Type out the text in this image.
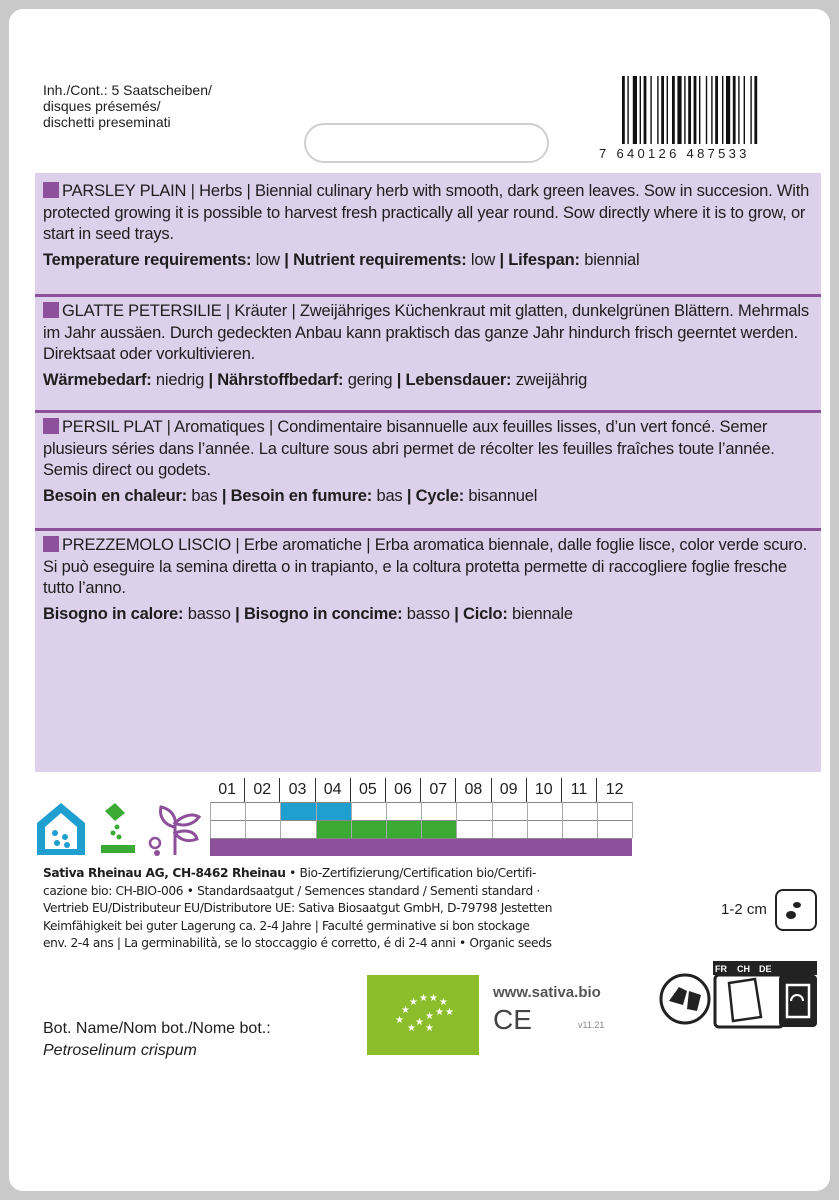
Inh./Cont.: 5 Saatscheiben/
disques présemés/
dischetti preseminati
7 640126 487533
PARSLEY PLAIN | Herbs | Biennial culinary herb with smooth, dark green leaves. Sow in succesion. With protected growing it is possible to harvest fresh practically all year round. Sow directly where it is to grow, or start in seed trays.
Temperature requirements: low | Nutrient requirements: low | Lifespan: biennial
GLATTE PETERSILIE | Kräuter | Zweijähriges Küchenkraut mit glatten, dunkelgrünen Blättern. Mehrmals im Jahr aussäen. Durch gedeckten Anbau kann praktisch das ganze Jahr hindurch frisch geerntet werden. Direktsaat oder vorkultivieren.
Wärmebedarf: niedrig | Nährstoffbedarf: gering | Lebensdauer: zweijährig
PERSIL PLAT | Aromatiques | Condimentaire bisannuelle aux feuilles lisses, d’un vert foncé. Semer plusieurs séries dans l’année. La culture sous abri permet de récolter les feuilles fraîches toute l’année. Semis direct ou godets.
Besoin en chaleur: bas | Besoin en fumure: bas | Cycle: bisannuel
PREZZEMOLO LISCIO | Erbe aromatiche | Erba aromatica biennale, dalle foglie lisce, color verde scuro. Si può eseguire la semina diretta o in trapianto, e la coltura protetta permette di raccogliere foglie fresche tutto l’anno.
Bisogno in calore: basso | Bisogno in concime: basso | Ciclo: biennale
01	02	03	04	05	06	07	08	09	10	11	12
Sativa Rheinau AG, CH-8462 Rheinau • Bio-Zertifizierung/Certification bio/Certifi-
cazione bio: CH-BIO-006 • Standardsaatgut / Semences standard / Sementi standard ·
Vertrieb EU/Distributeur EU/Distributore UE: Sativa Biosaatgut GmbH, D-79798 Jestetten
Keimfähigkeit bei guter Lagerung ca. 2-4 Jahre | Faculté germinative si bon stockage
env. 2-4 ans | La germinabilità, se lo stoccaggio é corretto, é di 2-4 anni • Organic seeds
1-2 cm
Bot. Name/Nom bot./Nome bot.:
Petroselinum crispum
★
★
★ ★ ★ ★
★
★
★
★
★ ★
www.sativa.bio
CE	v11.21
FR CH DE
